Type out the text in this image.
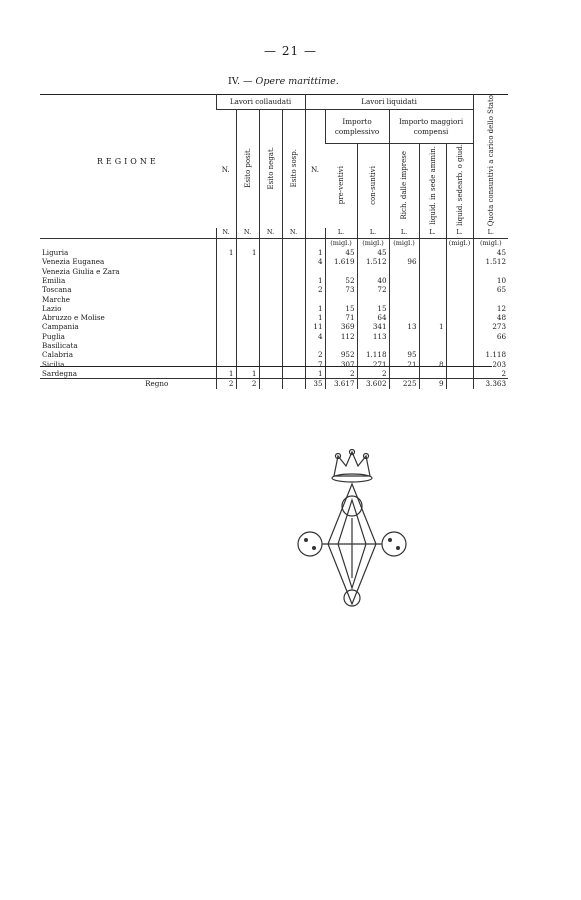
— 21 —
IV. — Opere marittime.
REGIONE	Lavori collaudati				Lavori liquidati						Quota consuntivi a carico dello Stato
	N.	Esito posit.	Esito negat.	Esito sosp.	N.	Importo complessivo		Importo maggiori compensi			
						pre-ventivi	con-suntivi	Rich. dalle imprese	liquid. in sede ammin.	liquid. sedearb. o giud.	
	N.	N.	N.	N.		L.	L.	L.	L.	L.	L.
						(migl.)	(migl.)	(migl.)		(migl.)	(migl.)
Liguria	1	1			1	45	45				45
Venezia Euganea					4	1.619	1.512	96			1.512
Venezia Giulia e Zara											
Emilia					1	52	40				10
Toscana					2	73	72				65
Marche											
Lazio					1	15	15				12
Abruzzo e Molise					1	71	64				48
Campania					11	369	341	13	1		273
Puglia					4	112	113				66
Basilicata											
Calabria					2	952	1.118	95			1.118
Sicilia					7	307	271	21	8		203
Sardegna	1	1			1	2	2				2
Regno	2	2			35	3.617	3.602	225	9		3.363
